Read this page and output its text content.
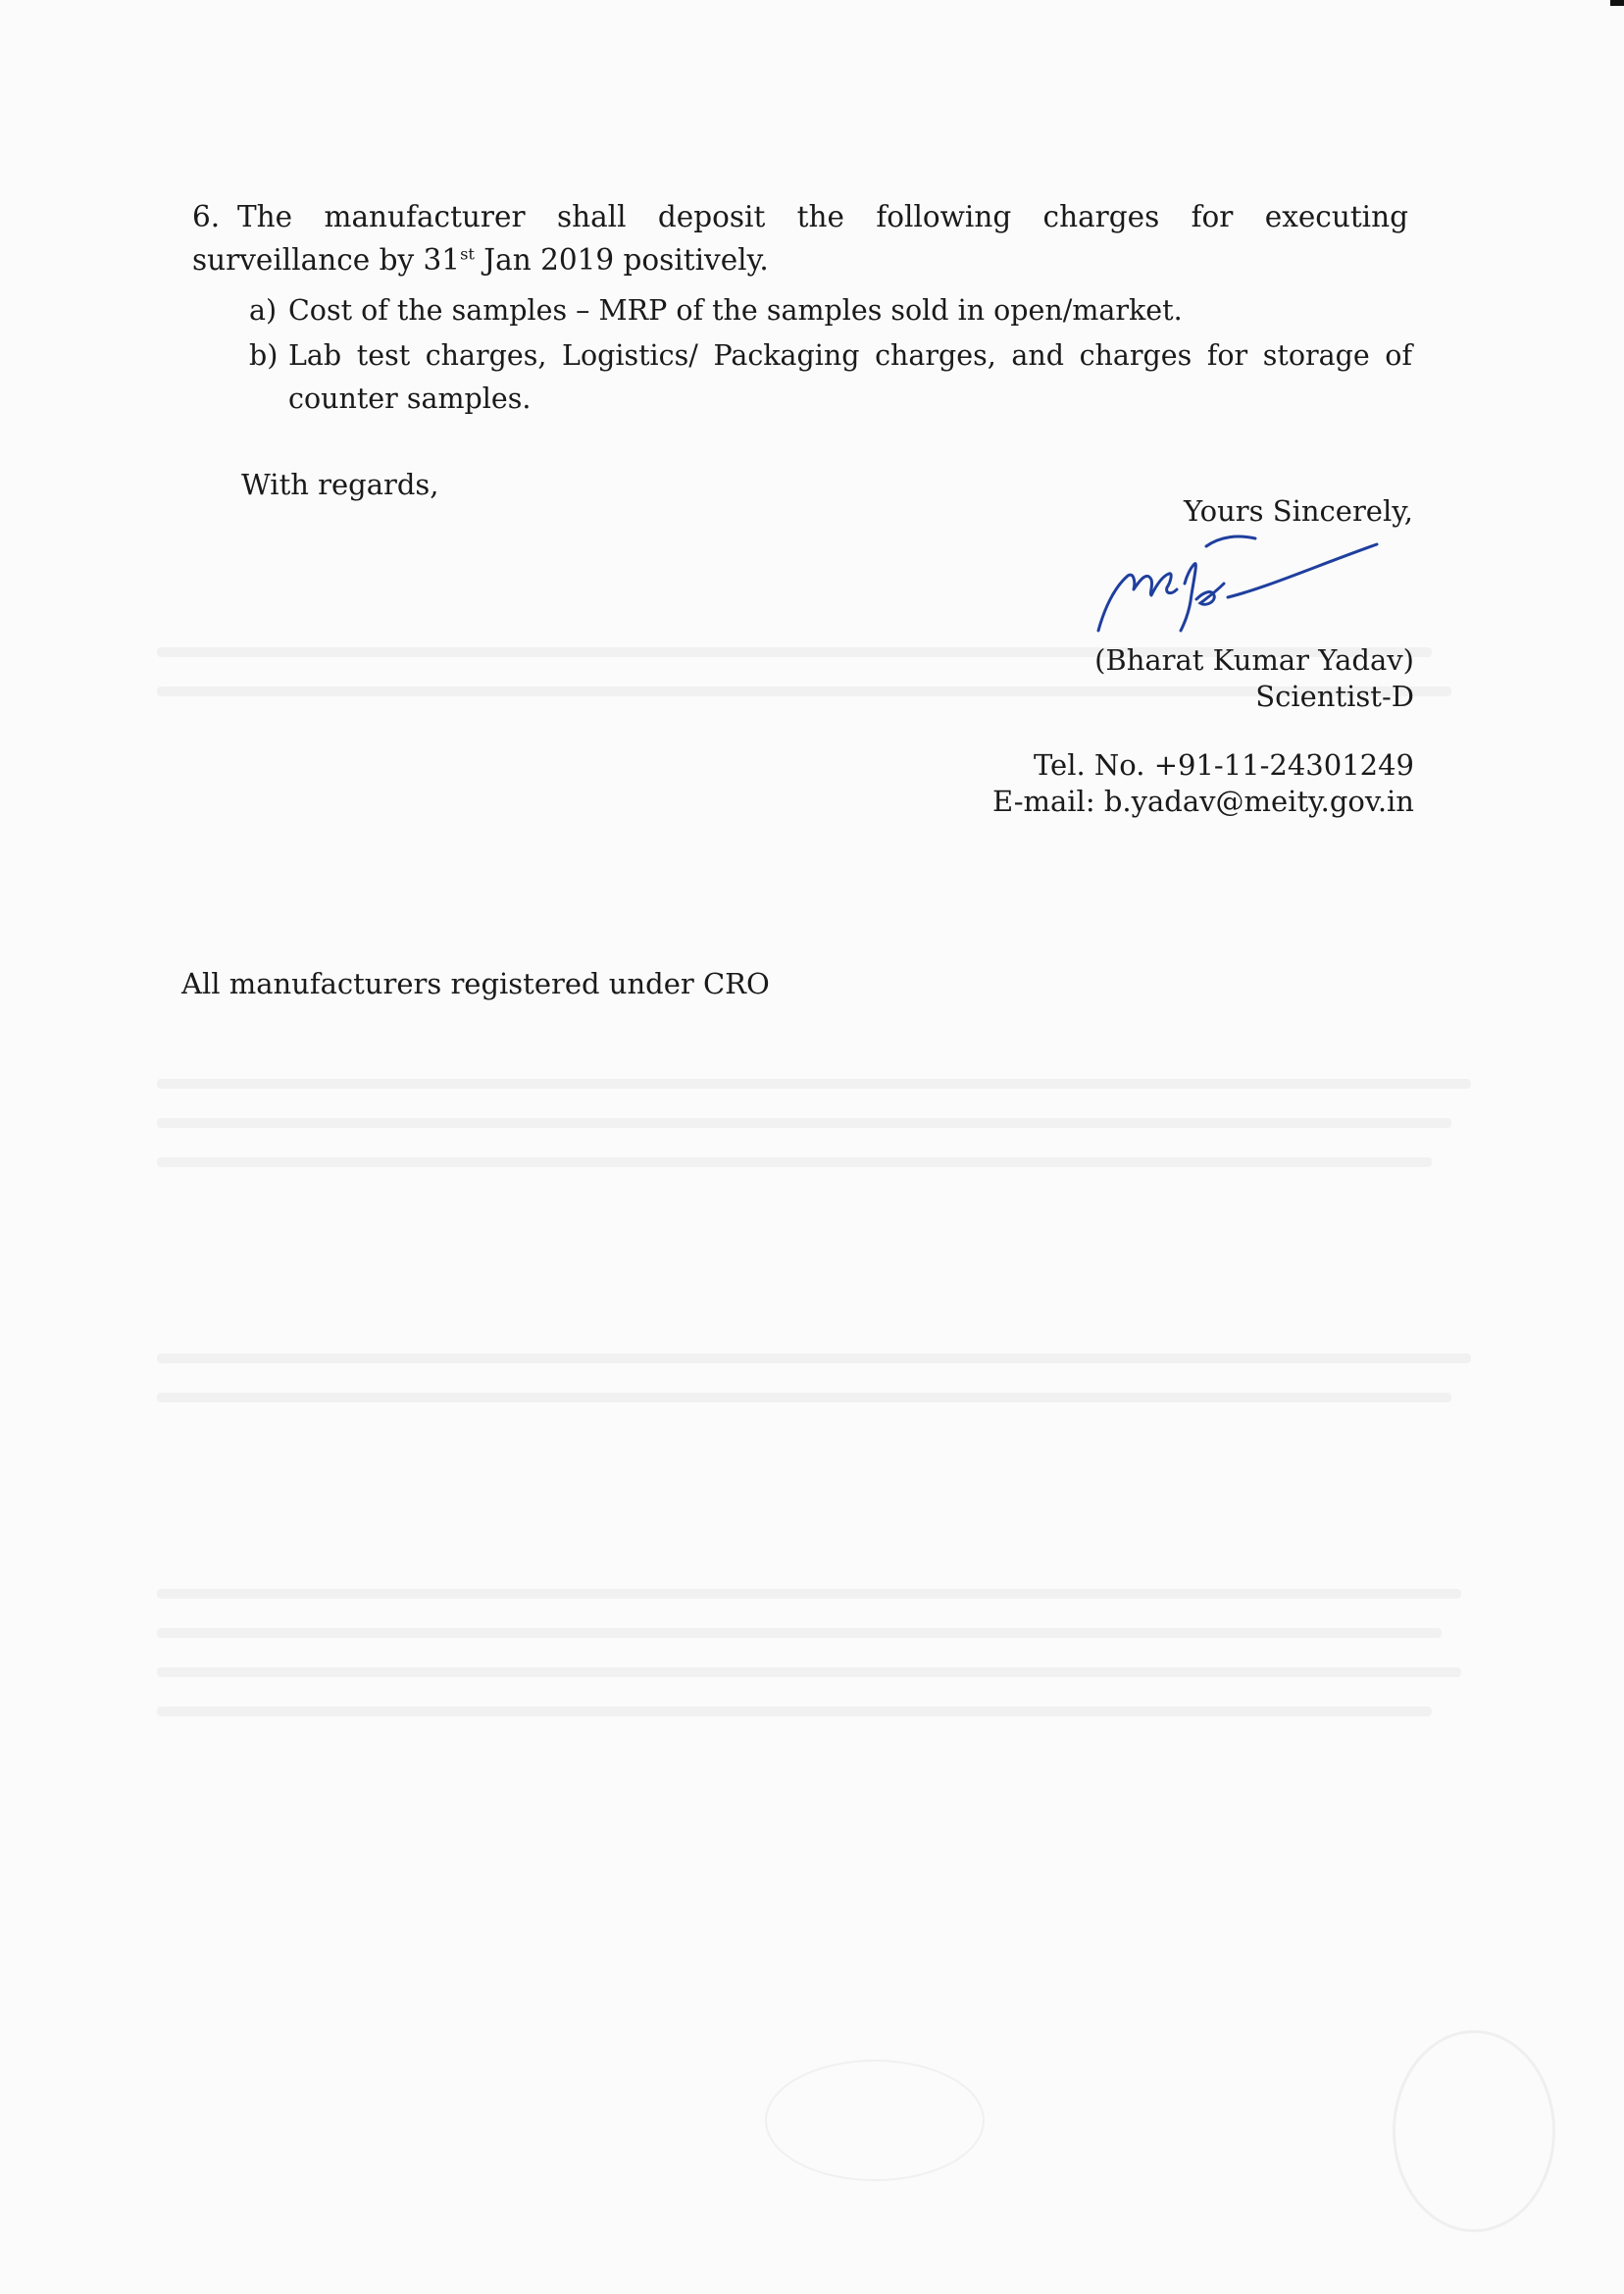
6. The manufacturer shall deposit the following charges for executing surveillance by 31st Jan 2019 positively.
a) Cost of the samples – MRP of the samples sold in open/market.
b) Lab test charges, Logistics/ Packaging charges, and charges for storage of counter samples.
With regards,
Yours Sincerely,
(Bharat Kumar Yadav)
Scientist-D
Tel. No. +91-11-24301249
E-mail: b.yadav@meity.gov.in
All manufacturers registered under CRO
